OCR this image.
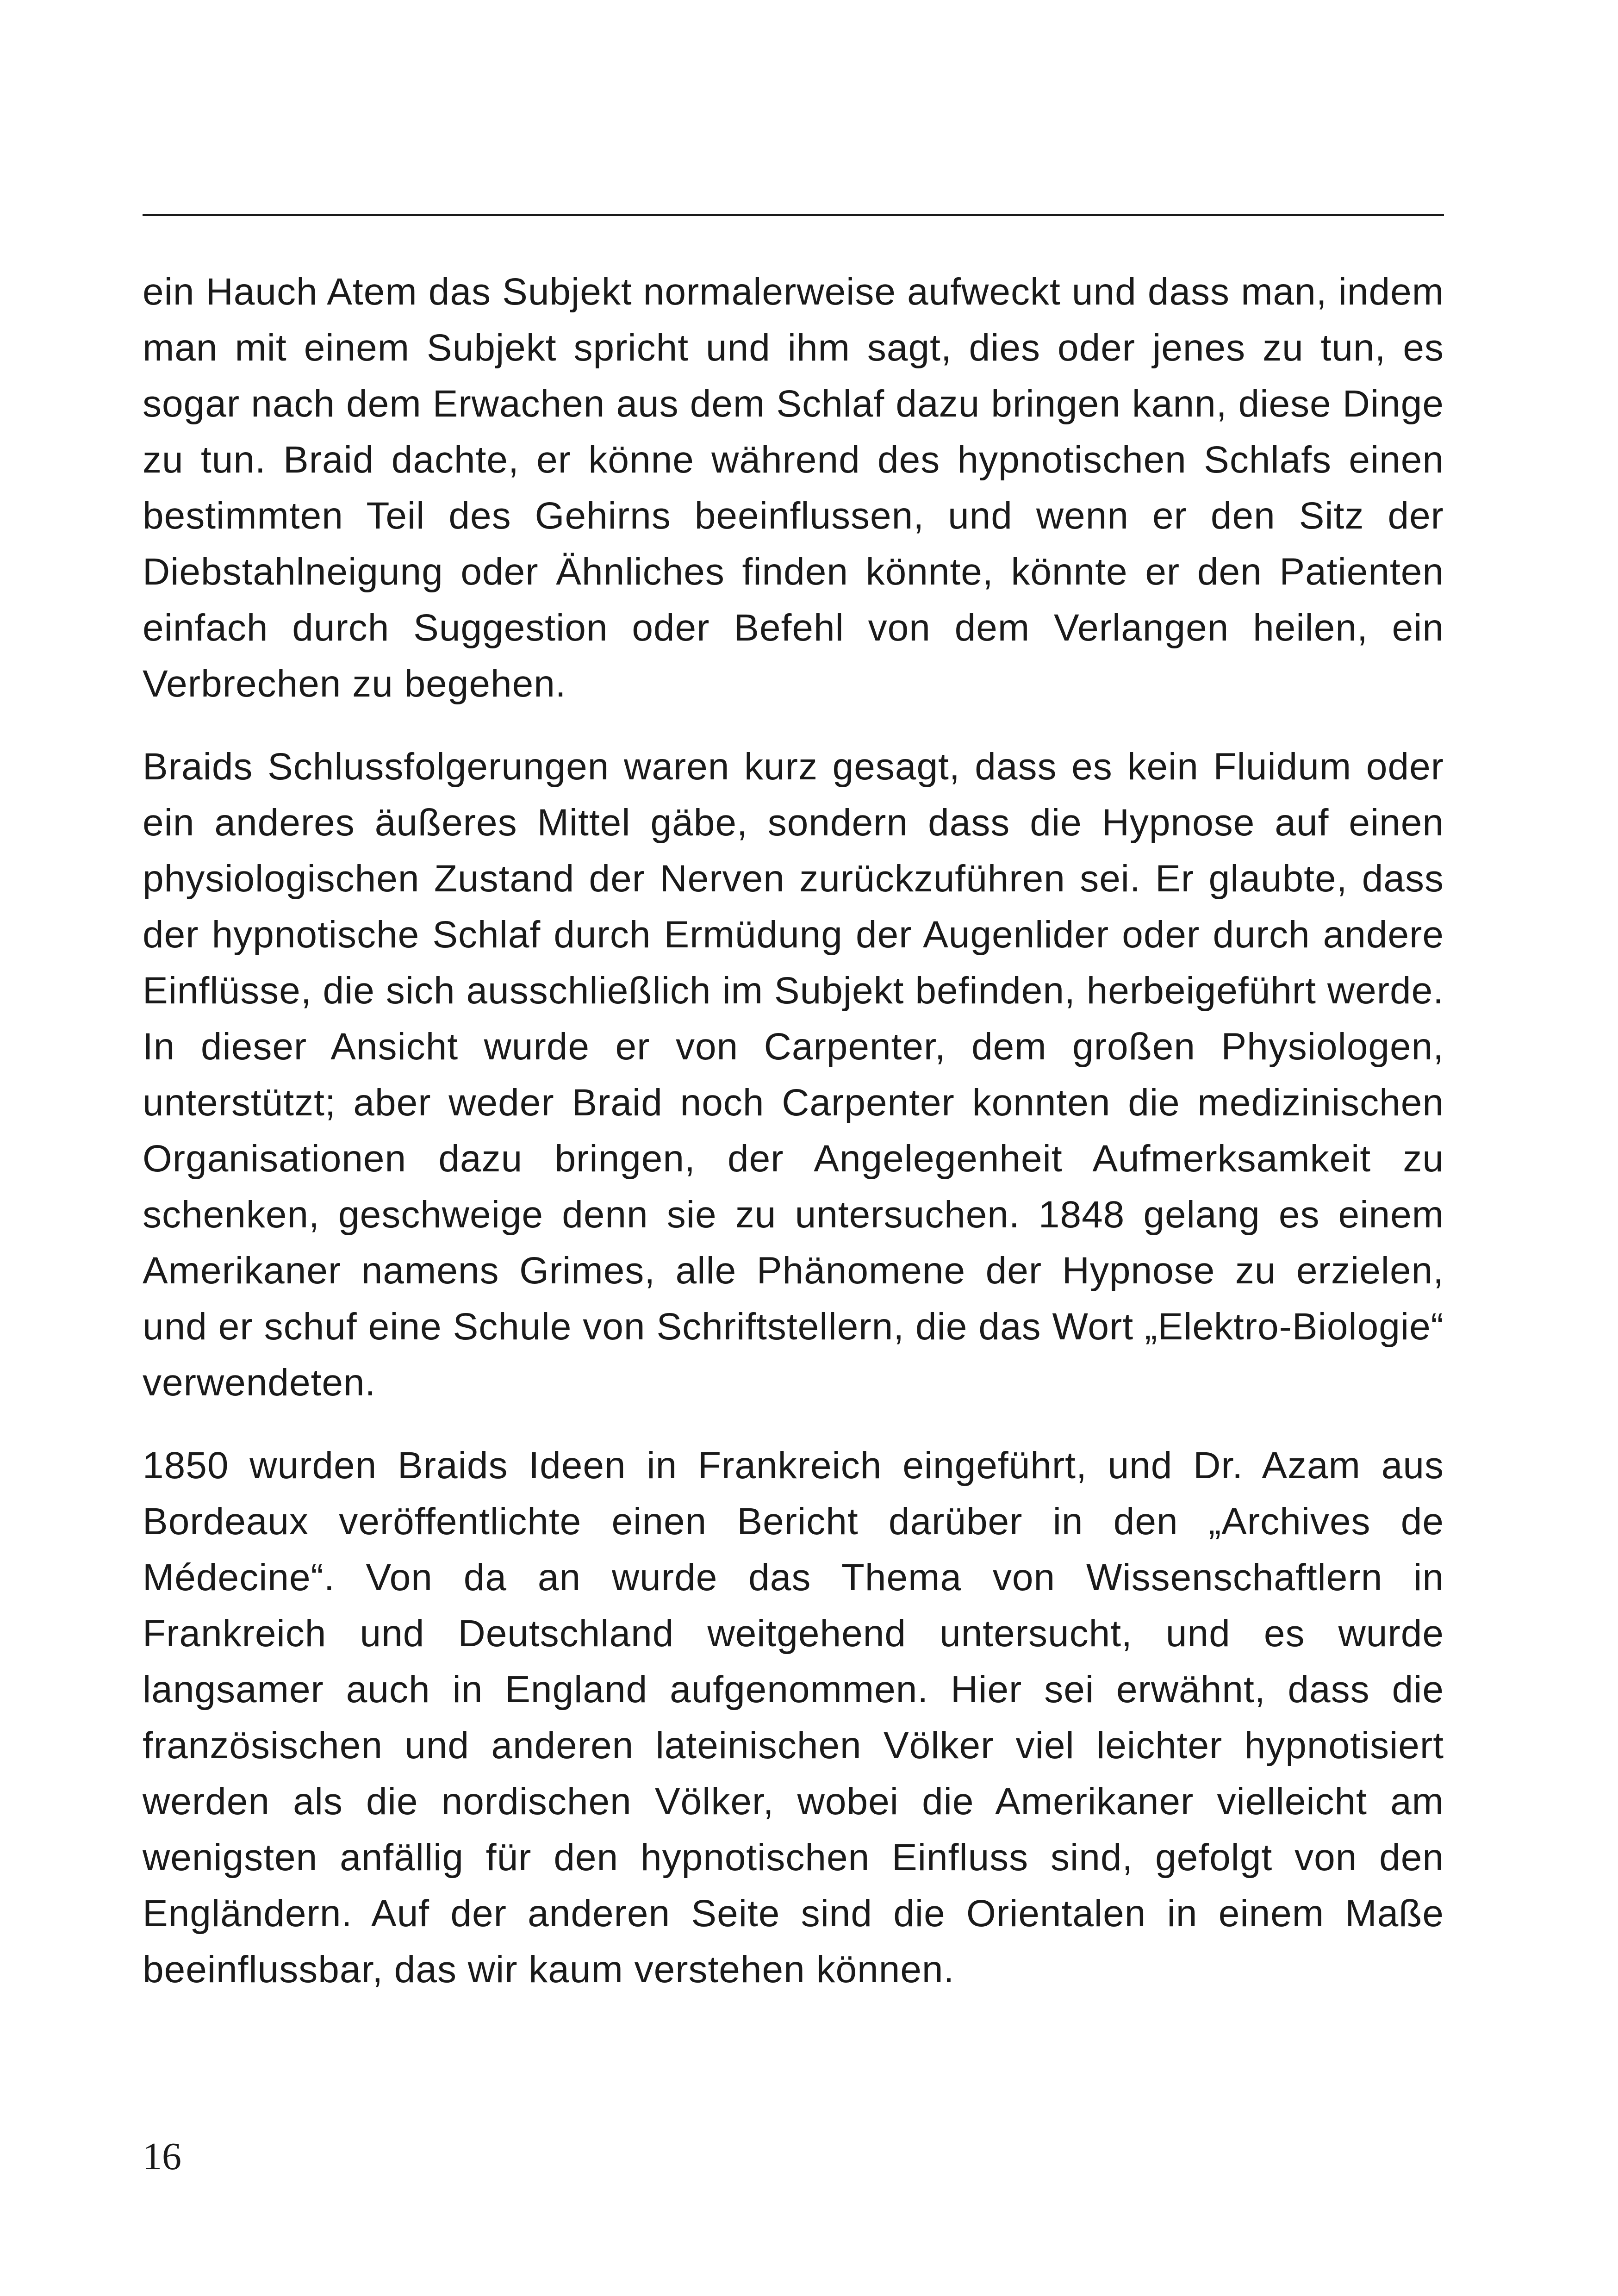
ein Hauch Atem das Subjekt normalerweise aufweckt und dass man, indem man mit einem Subjekt spricht und ihm sagt, dies oder jenes zu tun, es sogar nach dem Erwachen aus dem Schlaf dazu bringen kann, diese Dinge zu tun. Braid dachte, er könne während des hypnotischen Schlafs einen bestimmten Teil des Gehirns beeinflussen, und wenn er den Sitz der Diebstahlneigung oder Ähnliches finden könnte, könnte er den Patienten einfach durch Suggestion oder Befehl von dem Verlangen heilen, ein Verbrechen zu begehen.

Braids Schlussfolgerungen waren kurz gesagt, dass es kein Fluidum oder ein anderes äußeres Mittel gäbe, sondern dass die Hypnose auf einen physiologischen Zustand der Nerven zurückzuführen sei. Er glaubte, dass der hypnotische Schlaf durch Ermüdung der Augenlider oder durch andere Einflüsse, die sich ausschließlich im Subjekt befinden, herbeigeführt werde. In dieser Ansicht wurde er von Carpenter, dem großen Physiologen, unterstützt; aber weder Braid noch Carpenter konnten die medizinischen Organisationen dazu bringen, der Angelegenheit Aufmerksamkeit zu schenken, geschweige denn sie zu untersuchen. 1848 gelang es einem Amerikaner namens Grimes, alle Phänomene der Hypnose zu erzielen, und er schuf eine Schule von Schriftstellern, die das Wort „Elektro-Biologie“ verwendeten.

1850 wurden Braids Ideen in Frankreich eingeführt, und Dr. Azam aus Bordeaux veröffentlichte einen Bericht darüber in den „Archives de Médecine“. Von da an wurde das Thema von Wissenschaftlern in Frankreich und Deutschland weitgehend untersucht, und es wurde langsamer auch in England aufgenommen. Hier sei erwähnt, dass die französischen und anderen lateinischen Völker viel leichter hypnotisiert werden als die nordischen Völker, wobei die Amerikaner vielleicht am wenigsten anfällig für den hypnotischen Einfluss sind, gefolgt von den Engländern. Auf der anderen Seite sind die Orientalen in einem Maße beeinflussbar, das wir kaum verstehen können.

16
